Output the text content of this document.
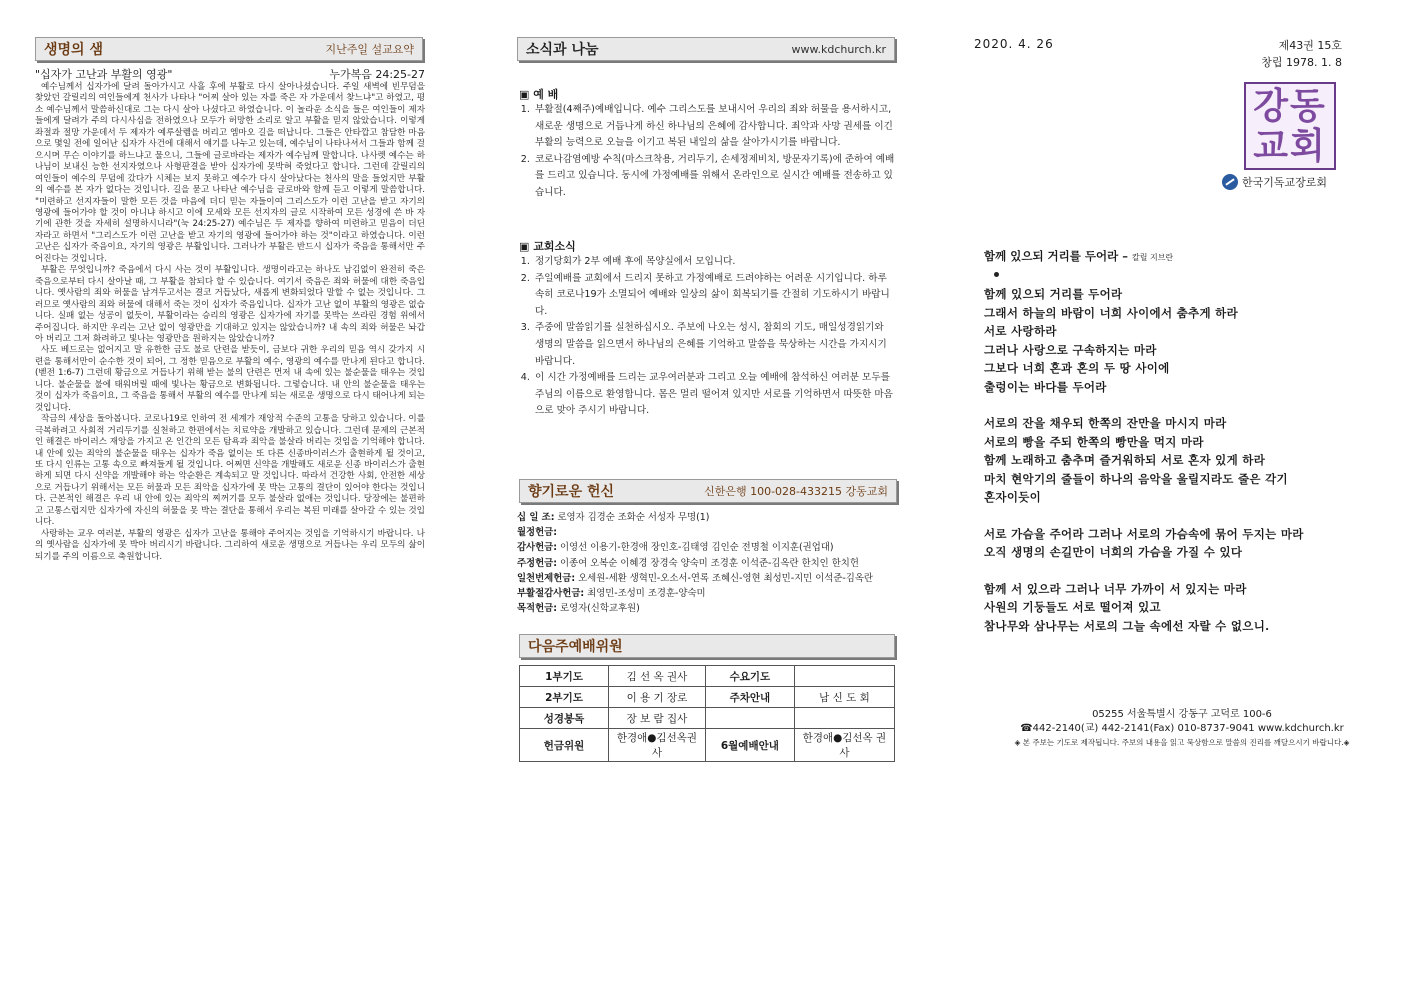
생명의 샘	지난주일 설교요약
"십자가 고난과 부활의 영광"	누가복음 24:25-27

예수님께서 십자가에 달려 돌아가시고 사흘 후에 부활로 다시 살아나셨습니다. 주일 새벽에 빈무덤을 찾았던 갈릴리의 여인들에게 천사가 나타나 "어찌 살아 있는 자를 죽은 자 가운데서 찾느냐"고 하였고, 평소 예수님께서 말씀하신대로 그는 다시 살아 나셨다고 하였습니다. 이 놀라운 소식을 들은 여인들이 제자들에게 달려가 주의 다시사심을 전하였으나 모두가 허망한 소리로 알고 부활을 믿지 않았습니다. 이렇게 좌절과 절망 가운데서 두 제자가 예루살렘을 버리고 엠마오 길을 떠납니다. 그들은 안타깝고 참담한 마음으로 몇일 전에 일어난 십자가 사건에 대해서 얘기를 나누고 있는데, 예수님이 나타나셔서 그들과 함께 걸으시며 무슨 이야기를 하느냐고 물으니, 그들에 글로바라는 제자가 예수님께 말합니다. 나사렛 예수는 하나님이 보내신 능한 선지자였으나 사형판결을 받아 십자가에 못박혀 죽었다고 합니다. 그런데 갈릴리의 여인들이 예수의 무덤에 갔다가 시체는 보지 못하고 예수가 다시 살아났다는 천사의 말을 들었지만 부활의 예수를 본 자가 없다는 것입니다. 길을 묻고 나타난 예수님을 글로바와 함께 듣고 이렇게 말씀합니다. "미련하고 선지자들이 말한 모든 것을 마음에 더디 믿는 자들이여 그리스도가 이런 고난을 받고 자기의 영광에 들어가야 할 것이 아니냐 하시고 이에 모세와 모든 선지자의 글로 시작하여 모든 성경에 쓴 바 자기에 관한 것을 자세히 설명하시니라"(눅 24:25-27) 예수님은 두 제자를 향하여 미련하고 믿음이 더딘 자라고 하면서 "그리스도가 이런 고난을 받고 자기의 영광에 들어가야 하는 것"이라고 하였습니다. 이런 고난은 십자가 죽음이요, 자기의 영광은 부활입니다. 그러나가 부활은 반드시 십자가 죽음을 통해서만 주어진다는 것입니다.

부활은 무엇입니까? 죽음에서 다시 사는 것이 부활입니다. 생명이라고는 하나도 남김없이 완전히 죽은 죽음으로부터 다시 살아날 때, 그 부활을 참되다 할 수 있습니다. 여기서 죽음은 죄와 허물에 대한 죽음입니다. 옛사람의 죄와 허물을 남겨두고서는 결코 거듭났다, 새롭게 변화되었다 말할 수 없는 것입니다. 그러므로 옛사람의 죄와 허물에 대해서 죽는 것이 십자가 죽음입니다. 십자가 고난 없이 부활의 영광은 없습니다. 실패 없는 성공이 없듯이, 부활이라는 승리의 영광은 십자가에 자기를 못박는 쓰라린 경험 위에서 주어집니다. 하지만 우리는 고난 없이 영광만을 기대하고 있지는 않았습니까? 내 속의 죄와 허물은 놔갑아 버리고 그저 화려하고 빛나는 영광만을 원하지는 않았습니까?

사도 베드로는 없어지고 말 유한한 금도 불로 단련을 받듯이, 금보다 귀한 우리의 믿음 역시 갖가지 시련을 통해서만이 순수한 것이 되어, 그 정한 믿음으로 부활의 예수, 영광의 예수를 만나게 된다고 합니다.(벧전 1:6-7) 그런데 황금으로 거듭나기 위해 받는 불의 단련은 먼저 내 속에 있는 불순물을 태우는 것입니다. 불순물을 불에 태워버릴 때에 빛나는 황금으로 변화됩니다. 그렇습니다. 내 안의 불순물을 태우는 것이 십자가 죽음이요, 그 죽음을 통해서 부활의 예수를 만나게 되는 새로운 생명으로 다시 태어나게 되는 것입니다.

작금의 세상을 돌아봅니다. 코로나19로 인하여 전 세계가 재앙적 수준의 고통을 당하고 있습니다. 이를 극복하려고 사회적 거리두기를 실천하고 한편에서는 치료약을 개발하고 있습니다. 그런데 문제의 근본적인 해결은 바이러스 재앙을 가지고 온 인간의 모든 탐욕과 죄악을 불살라 버리는 것임을 기억해야 합니다. 내 안에 있는 죄악의 불순물을 태우는 십자가 죽음 없이는 또 다른 신종바이러스가 출현하게 될 것이고, 또 다시 인류는 고통 속으로 빠져들게 될 것입니다. 어쩌면 신약을 개발해도 새로운 신종 바이러스가 출현하게 되면 다시 신약을 개발해야 하는 악순환은 계속되고 말 것입니다. 따라서 건강한 사회, 안전한 세상으로 거듭나기 위해서는 모든 허물과 모든 죄악을 십자가에 못 박는 고통의 결단이 있어야 한다는 것입니다. 근본적인 해결은 우리 내 안에 있는 죄악의 찌꺼기를 모두 불살라 없애는 것입니다. 당장에는 불편하고 고통스럽지만 십자가에 자신의 허물을 못 박는 결단을 통해서 우리는 복된 미래를 살아갈 수 있는 것입니다.

사랑하는 교우 여러분, 부활의 영광은 십자가 고난을 통해야 주어지는 것임을 기억하시기 바랍니다. 나의 옛사람을 십자가에 못 박아 버리시기 바랍니다. 그리하여 새로운 생명으로 거듭나는 우리 모두의 삶이되기를 주의 이름으로 축원합니다.

소식과 나눔	www.kdchurch.kr
▣ 예 배
1. 부활절(4째주)예배입니다. 예수 그리스도를 보내시어 우리의 죄와 허물을 용서하시고, 새로운 생명으로 거듭나게 하신 하나님의 은혜에 감사합니다. 죄악과 사망 권세를 이긴 부활의 능력으로 오늘을 이기고 복된 내일의 삶을 살아가시기를 바랍니다.
2. 코로나감염예방 수칙(마스크착용, 거리두기, 손세정제비치, 방문자기록)에 준하여 예배를 드리고 있습니다. 동시에 가정예배를 위해서 온라인으로 실시간 예배를 전송하고 있습니다.
▣ 교회소식
1. 정기당회가 2부 예배 후에 목양실에서 모입니다.
2. 주일예배를 교회에서 드리지 못하고 가정예배로 드려야하는 어려운 시기입니다. 하루 속히 코로나19가 소멸되어 예배와 일상의 삶이 회복되기를 간절히 기도하시기 바랍니다.
3. 주중에 말씀읽기를 실천하십시오. 주보에 나오는 성시, 참회의 기도, 매일성경읽기와 생명의 말씀을 읽으면서 하나님의 은혜를 기억하고 말씀을 묵상하는 시간을 가지시기 바랍니다.
4. 이 시간 가정예배를 드리는 교우여러분과 그리고 오늘 예배에 참석하신 여러분 모두를 주님의 이름으로 환영합니다. 몸은 멀리 떨어져 있지만 서로를 기억하면서 따뜻한 마음으로 맞아 주시기 바랍니다.
향기로운 헌신	신한은행 100-028-433215 강동교회
십 일 조: 로영자 김경순 조화순 서성자 무명(1)
월정헌금:
감사헌금: 이영선 이용기-한경애 장인호-김태영 김인순 전명철 이지훈(권업대)
주정헌금: 이종여 오복순 이혜경 장경숙 양숙미 조경훈 이석준-김옥란 한치인 한치헌
일천번제헌금: 오세원-세환 생혁민-오소서-연록 조혜신-영현 최성민-지민 이석준-김옥란
부활절감사헌금: 최영민-조성미 조경훈-양숙미
목적헌금: 로영자(신학교후원)
다음주예배위원
1부기도	김 선 옥 권사	수요기도	
2부기도	이 용 기 장로	주차안내	남 신 도 회
성경봉독	장 보 람 집사		
헌금위원	한경애●김선옥권사	6월예배안내	한경애●김선옥 권사
2020. 4. 26	제43권 15호
창립 1978. 1. 8
강동
교회
한국기독교장로회
함께 있으되 거리를 두어라 – 칼릴 지브란
함께 있으되 거리를 두어라
그래서 하늘의 바람이 너희 사이에서 춤추게 하라
서로 사랑하라
그러나 사랑으로 구속하지는 마라
그보다 너희 혼과 혼의 두 땅 사이에
출렁이는 바다를 두어라
서로의 잔을 채우되 한쪽의 잔만을 마시지 마라
서로의 빵을 주되 한쪽의 빵만을 먹지 마라
함께 노래하고 춤추며 즐거워하되 서로 혼자 있게 하라
마치 현악기의 줄들이 하나의 음악을 울릴지라도 줄은 각기
혼자이듯이
서로 가슴을 주어라 그러나 서로의 가슴속에 묶어 두지는 마라
오직 생명의 손길만이 너희의 가슴을 가질 수 있다
함께 서 있으라 그러나 너무 가까이 서 있지는 마라
사원의 기둥들도 서로 떨어져 있고
참나무와 삼나무는 서로의 그늘 속에선 자랄 수 없으니.
05255 서울특별시 강동구 고덕로 100-6
☎442-2140(교) 442-2141(Fax) 010-8737-9041 www.kdchurch.kr
◈ 본 주보는 기도로 제작됩니다. 주보의 내용을 읽고 묵상함으로 말씀의 진리를 깨달으시기 바랍니다.◈
